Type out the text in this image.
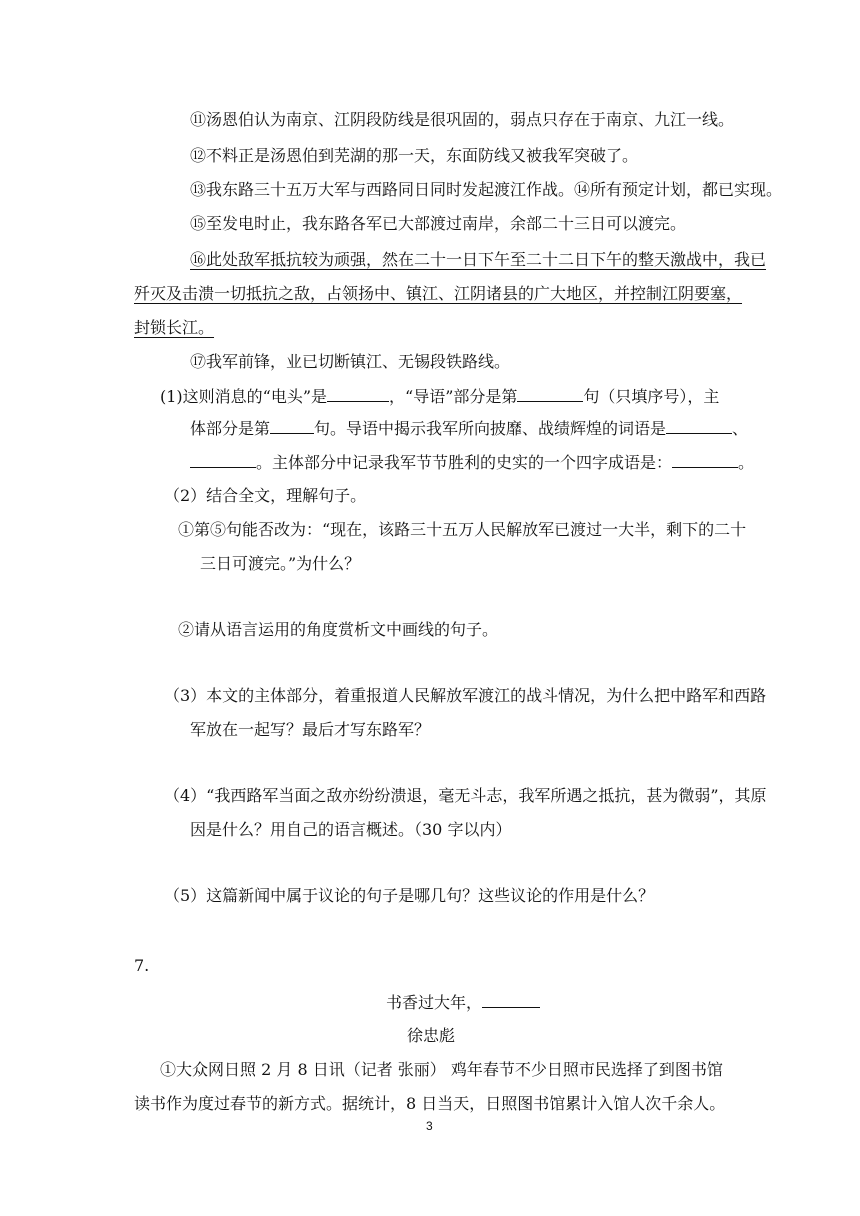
⑪汤恩伯认为南京、江阴段防线是很巩固的，弱点只存在于南京、九江一线。
⑫不料正是汤恩伯到芜湖的那一天，东面防线又被我军突破了。
⑬我东路三十五万大军与西路同日同时发起渡江作战。⑭所有预定计划，都已实现。
⑮至发电时止，我东路各军已大部渡过南岸，余部二十三日可以渡完。
⑯此处敌军抵抗较为顽强，然在二十一日下午至二十二日下午的整天激战中，我已
歼灭及击溃一切抵抗之敌，占领扬中、镇江、江阴诸县的广大地区，并控制江阴要塞，
封锁长江。
⑰我军前锋，业已切断镇江、无锡段铁路线。
(1)这则消息的“电头”是	，“导语”部分是第	句（只填序号），主
体部分是第	句。导语中揭示我军所向披靡、战绩辉煌的词语是	、
。主体部分中记录我军节节胜利的史实的一个四字成语是：	。
（2）结合全文，理解句子。
①第⑤句能否改为：“现在，该路三十五万人民解放军已渡过一大半，剩下的二十
三日可渡完。”为什么？
②请从语言运用的角度赏析文中画线的句子。
（3）本文的主体部分，着重报道人民解放军渡江的战斗情况，为什么把中路军和西路
军放在一起写？最后才写东路军？
（4）“我西路军当面之敌亦纷纷溃退，毫无斗志，我军所遇之抵抗，甚为微弱”，其原
因是什么？用自己的语言概述。（30 字以内）
（5）这篇新闻中属于议论的句子是哪几句？这些议论的作用是什么？
7.
书香过大年，
徐忠彪
①大众网日照 2 月 8 日讯（记者 张丽） 鸡年春节不少日照市民选择了到图书馆
读书作为度过春节的新方式。据统计，8 日当天，日照图书馆累计入馆人次千余人。
3
